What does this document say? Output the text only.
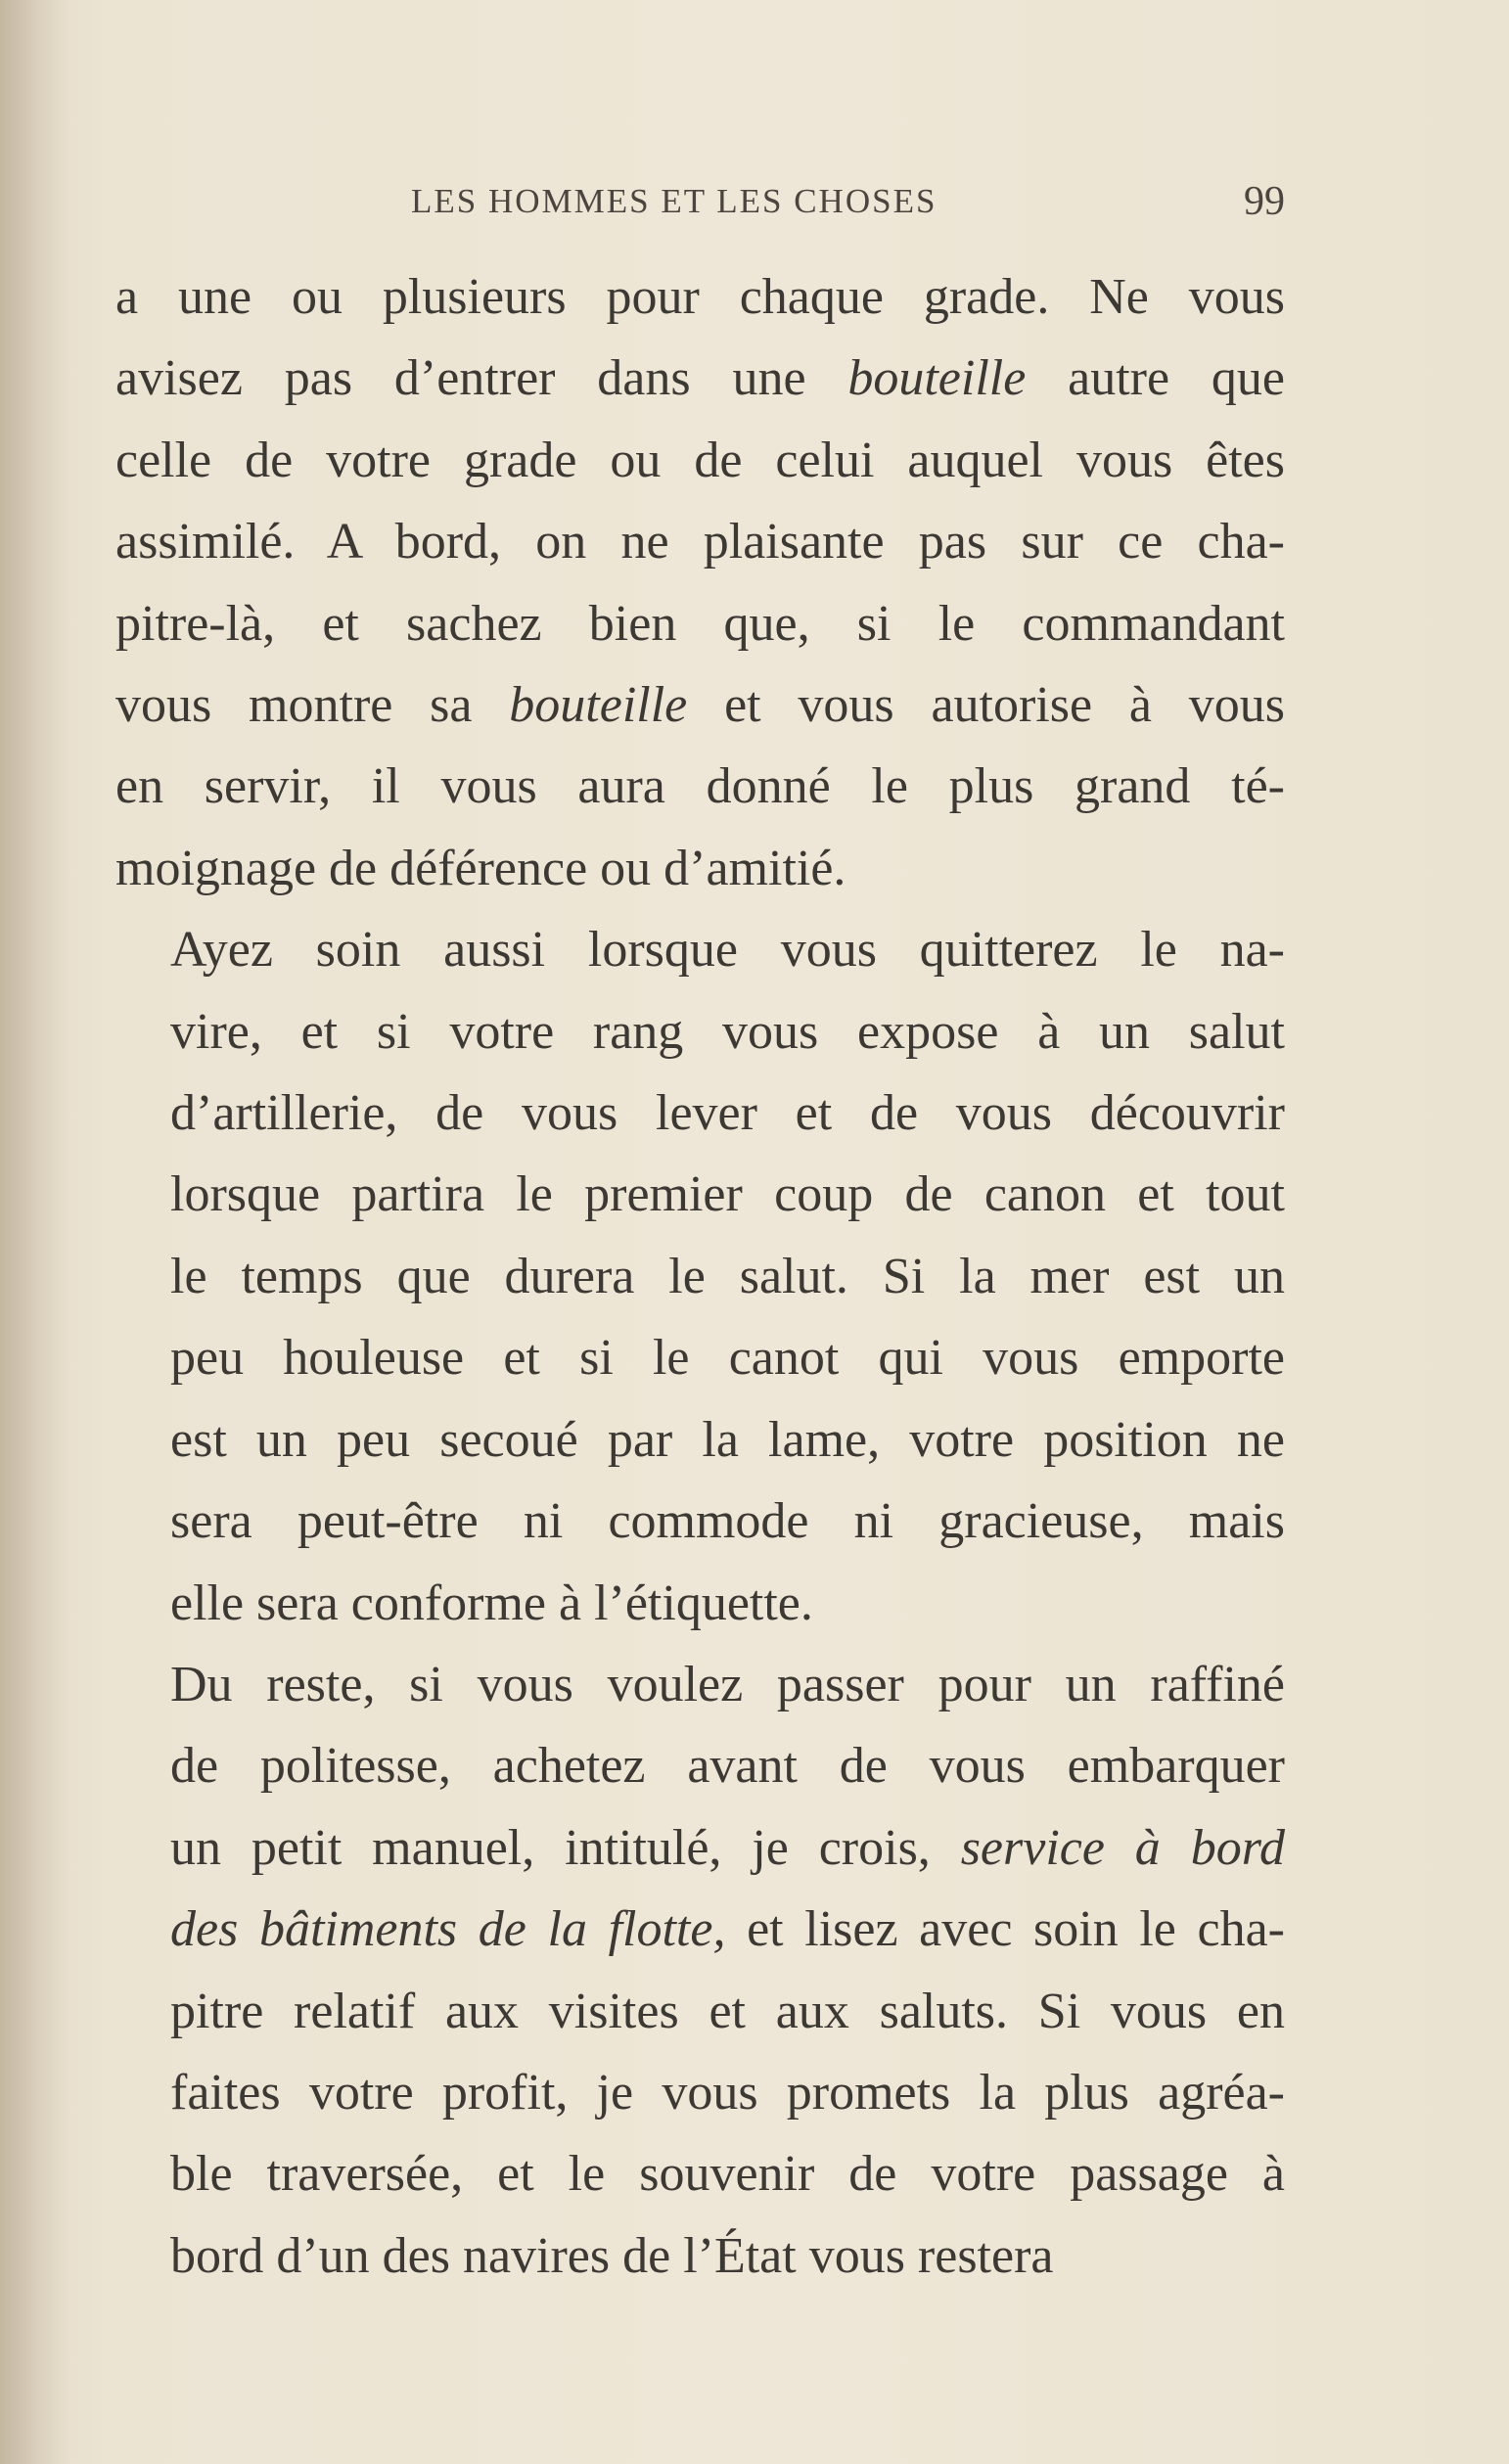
LES HOMMES ET LES CHOSES	99

a une ou plusieurs pour chaque grade. Ne vous
avisez pas d’entrer dans une bouteille autre que
celle de votre grade ou de celui auquel vous êtes
assimilé. A bord, on ne plaisante pas sur ce cha-
pitre-là, et sachez bien que, si le commandant
vous montre sa bouteille et vous autorise à vous
en servir, il vous aura donné le plus grand té-
moignage de déférence ou d’amitié.

Ayez soin aussi lorsque vous quitterez le na-
vire, et si votre rang vous expose à un salut
d’artillerie, de vous lever et de vous découvrir
lorsque partira le premier coup de canon et tout
le temps que durera le salut. Si la mer est un
peu houleuse et si le canot qui vous emporte
est un peu secoué par la lame, votre position ne
sera peut-être ni commode ni gracieuse, mais
elle sera conforme à l’étiquette.

Du reste, si vous voulez passer pour un raffiné
de politesse, achetez avant de vous embarquer
un petit manuel, intitulé, je crois, service à bord
des bâtiments de la flotte, et lisez avec soin le cha-
pitre relatif aux visites et aux saluts. Si vous en
faites votre profit, je vous promets la plus agréa-
ble traversée, et le souvenir de votre passage à
bord d’un des navires de l’État vous restera
